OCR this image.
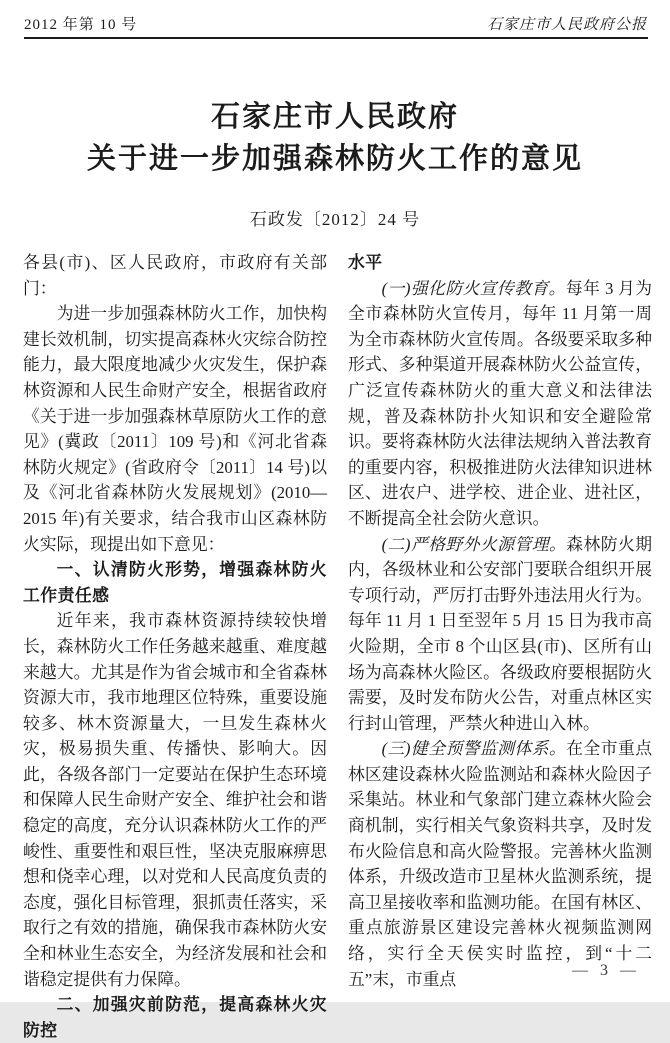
2012 年第 10 号	石家庄市人民政府公报
石家庄市人民政府
关于进一步加强森林防火工作的意见
石政发〔2012〕24 号

各县(市)、区人民政府，市政府有关部门：

为进一步加强森林防火工作，加快构建长效机制，切实提高森林火灾综合防控能力，最大限度地减少火灾发生，保护森林资源和人民生命财产安全，根据省政府《关于进一步加强森林草原防火工作的意见》(冀政〔2011〕109 号)和《河北省森林防火规定》(省政府令〔2011〕14 号)以及《河北省森林防火发展规划》(2010—2015 年)有关要求，结合我市山区森林防火实际，现提出如下意见：

一、认清防火形势，增强森林防火工作责任感

近年来，我市森林资源持续较快增长，森林防火工作任务越来越重、难度越来越大。尤其是作为省会城市和全省森林资源大市，我市地理区位特殊，重要设施较多、林木资源量大，一旦发生森林火灾，极易损失重、传播快、影响大。因此，各级各部门一定要站在保护生态环境和保障人民生命财产安全、维护社会和谐稳定的高度，充分认识森林防火工作的严峻性、重要性和艰巨性，坚决克服麻痹思想和侥幸心理，以对党和人民高度负责的态度，强化目标管理，狠抓责任落实，采取行之有效的措施，确保我市森林防火安全和林业生态安全，为经济发展和社会和谐稳定提供有力保障。

二、加强灾前防范，提高森林火灾防控

水平

(一)强化防火宣传教育。每年 3 月为全市森林防火宣传月，每年 11 月第一周为全市森林防火宣传周。各级要采取多种形式、多种渠道开展森林防火公益宣传，广泛宣传森林防火的重大意义和法律法规，普及森林防扑火知识和安全避险常识。要将森林防火法律法规纳入普法教育的重要内容，积极推进防火法律知识进林区、进农户、进学校、进企业、进社区，不断提高全社会防火意识。

(二)严格野外火源管理。森林防火期内，各级林业和公安部门要联合组织开展专项行动，严厉打击野外违法用火行为。每年 11 月 1 日至翌年 5 月 15 日为我市高火险期，全市 8 个山区县(市)、区所有山场为高森林火险区。各级政府要根据防火需要，及时发布防火公告，对重点林区实行封山管理，严禁火种进山入林。

(三)健全预警监测体系。在全市重点林区建设森林火险监测站和森林火险因子采集站。林业和气象部门建立森林火险会商机制，实行相关气象资料共享，及时发布火险信息和高火险警报。完善林火监测体系，升级改造市卫星林火监测系统，提高卫星接收率和监测功能。在国有林区、重点旅游景区建设完善林火视频监测网络，实行全天侯实时监控，到“十二五”末，市重点	— 3 —
